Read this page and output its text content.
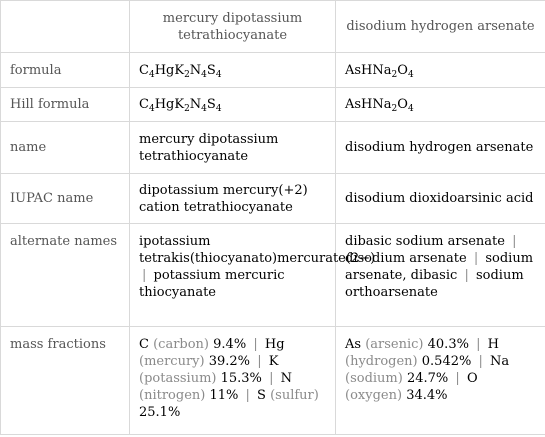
	mercury dipotassium tetrathiocyanate	disodium hydrogen arsenate
formula	$C_4HgK_2N_4S_4$	$AsHNa_2O_4$
Hill formula	$C_4HgK_2N_4S_4$	$AsHNa_2O_4$
name	mercury dipotassium tetrathiocyanate	disodium hydrogen arsenate
IUPAC name	dipotassium mercury(+2) cation tetrathiocyanate	disodium dioxidoarsinic acid
alternate names	ipotassium tetrakis(thiocyanato)mercurate(2−) | potassium mercuric thiocyanate	dibasic sodium arsenate | disodium arsenate | sodium arsenate, dibasic | sodium orthoarsenate
mass fractions	C (carbon) 9.4% | Hg (mercury) 39.2% | K (potassium) 15.3% | N (nitrogen) 11% | S (sulfur) 25.1%	As (arsenic) 40.3% | H (hydrogen) 0.542% | Na (sodium) 24.7% | O (oxygen) 34.4%
